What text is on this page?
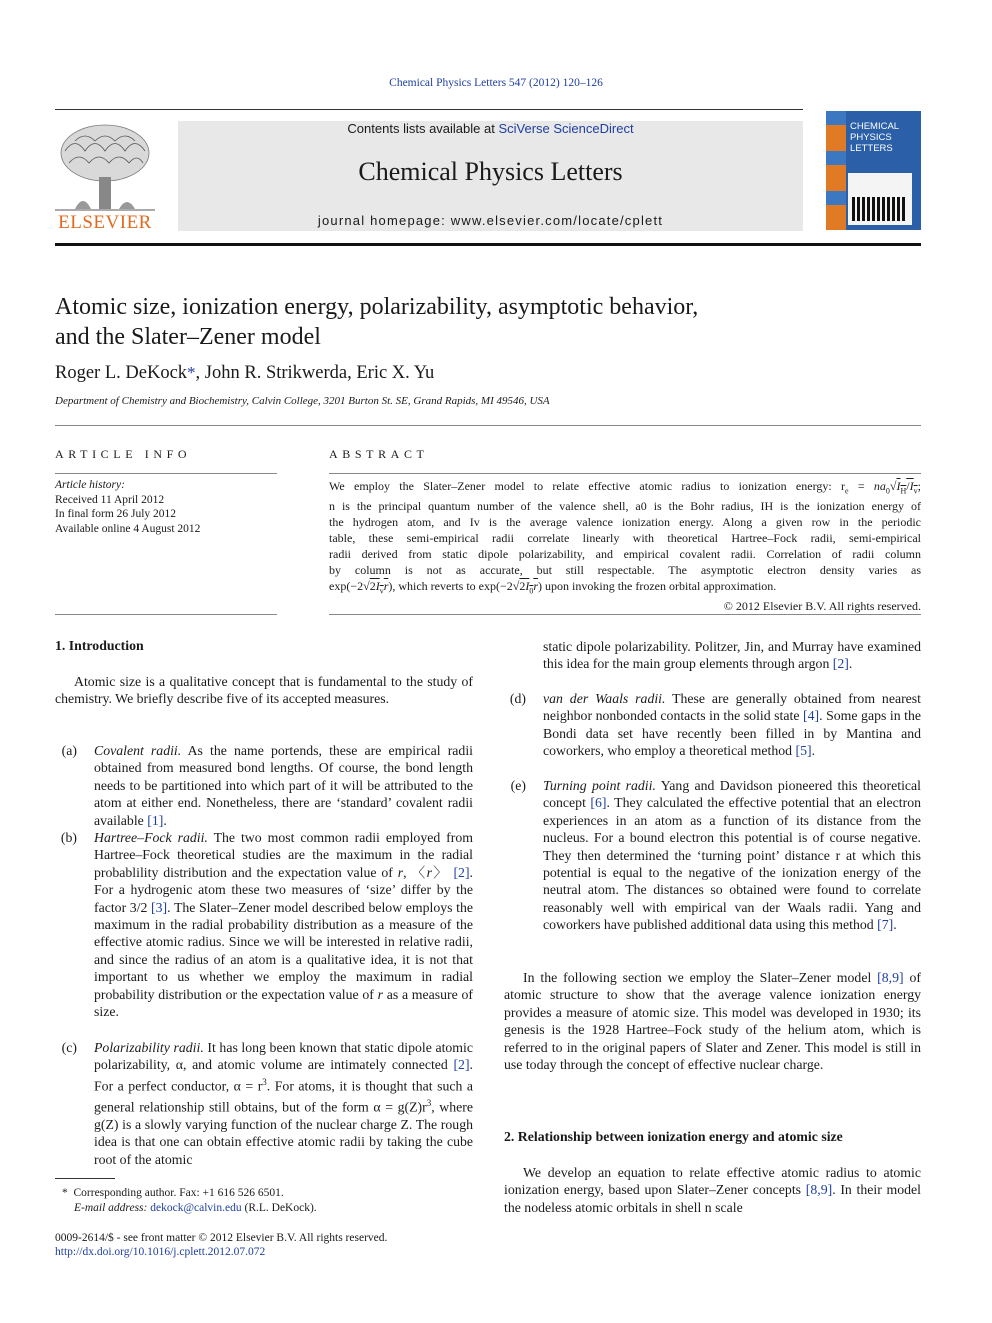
Chemical Physics Letters 547 (2012) 120–126
ELSEVIER
Contents lists available at SciVerse ScienceDirect
Chemical Physics Letters
journal homepage: www.elsevier.com/locate/cplett
CHEMICAL
PHYSICS
LETTERS
Atomic size, ionization energy, polarizability, asymptotic behavior,
and the Slater–Zener model
Roger L. DeKock*, John R. Strikwerda, Eric X. Yu
Department of Chemistry and Biochemistry, Calvin College, 3201 Burton St. SE, Grand Rapids, MI 49546, USA
ARTICLE INFO
Article history:
Received 11 April 2012
In final form 26 July 2012
Available online 4 August 2012
ABSTRACT
We employ the Slater–Zener model to relate effective atomic radius to ionization energy: $r_e = na_0√I_H/I_v$;
n is the principal quantum number of the valence shell, a0 is the Bohr radius, IH is the ionization energy of
the hydrogen atom, and Iv is the average valence ionization energy. Along a given row in the periodic
table, these semi-empirical radii correlate linearly with theoretical Hartree–Fock radii, semi-empirical
radii derived from static dipole polarizability, and empirical covalent radii. Correlation of radii column
by column is not as accurate, but still respectable. The asymptotic electron density varies as
$\exp(-2√2I_vr)$, which reverts to $\exp(-2√2I_0r)$ upon invoking the frozen orbital approximation.
© 2012 Elsevier B.V. All rights reserved.
1. Introduction
Atomic size is a qualitative concept that is fundamental to the study of chemistry. We briefly describe five of its accepted measures.
(a) Covalent radii. As the name portends, these are empirical radii obtained from measured bond lengths. Of course, the bond length needs to be partitioned into which part of it will be attributed to the atom at either end. Nonetheless, there are ‘standard’ covalent radii available [1].
(b) Hartree–Fock radii. The two most common radii employed from Hartree–Fock theoretical studies are the maximum in the radial probablility distribution and the expectation value of r, 〈r〉 [2]. For a hydrogenic atom these two measures of ‘size’ differ by the factor 3/2 [3]. The Slater–Zener model described below employs the maximum in the radial probability distribution as a measure of the effective atomic radius. Since we will be interested in relative radii, and since the radius of an atom is a qualitative idea, it is not that important to us whether we employ the maximum in radial probability distribution or the expectation value of r as a measure of size.
(c) Polarizability radii. It has long been known that static dipole atomic polarizability, α, and atomic volume are intimately connected [2]. For a perfect conductor, $\alpha = r^3$. For atoms, it is thought that such a general relationship still obtains, but of the form $\alpha = g(Z)r^3$, where g(Z) is a slowly varying function of the nuclear charge Z. The rough idea is that one can obtain effective atomic radii by taking the cube root of the atomic
static dipole polarizability. Politzer, Jin, and Murray have examined this idea for the main group elements through argon [2].
(d) van der Waals radii. These are generally obtained from nearest neighbor nonbonded contacts in the solid state [4]. Some gaps in the Bondi data set have recently been filled in by Mantina and coworkers, who employ a theoretical method [5].
(e) Turning point radii. Yang and Davidson pioneered this theoretical concept [6]. They calculated the effective potential that an electron experiences in an atom as a function of its distance from the nucleus. For a bound electron this potential is of course negative. They then determined the ‘turning point’ distance r at which this potential is equal to the negative of the ionization energy of the neutral atom. The distances so obtained were found to correlate reasonably well with empirical van der Waals radii. Yang and coworkers have published additional data using this method [7].
In the following section we employ the Slater–Zener model [8,9] of atomic structure to show that the average valence ionization energy provides a measure of atomic size. This model was developed in 1930; its genesis is the 1928 Hartree–Fock study of the helium atom, which is referred to in the original papers of Slater and Zener. This model is still in use today through the concept of effective nuclear charge.
2. Relationship between ionization energy and atomic size
We develop an equation to relate effective atomic radius to atomic ionization energy, based upon Slater–Zener concepts [8,9]. In their model the nodeless atomic orbitals in shell n scale
* Corresponding author. Fax: +1 616 526 6501.
E-mail address: dekock@calvin.edu (R.L. DeKock).
0009-2614/$ - see front matter © 2012 Elsevier B.V. All rights reserved.
http://dx.doi.org/10.1016/j.cplett.2012.07.072
